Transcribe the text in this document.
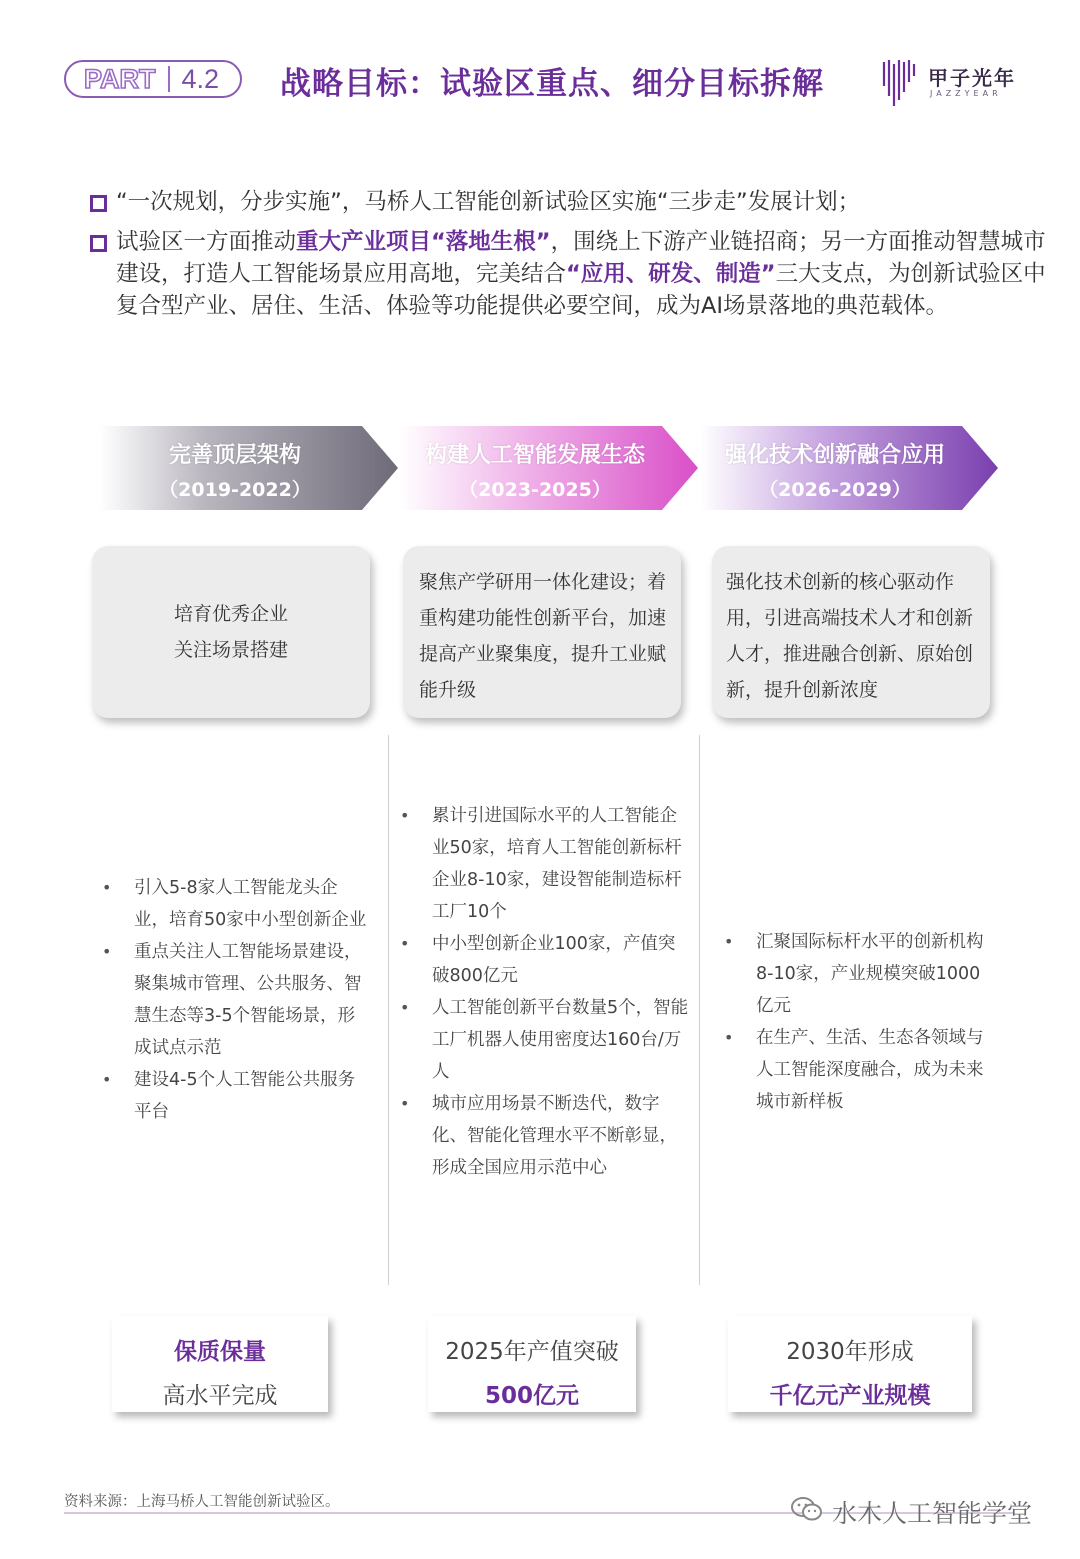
PART 4.2 战略目标：试验区重点、细分目标拆解	甲子光年
JAZZYEAR
“一次规划，分步实施”，马桥人工智能创新试验区实施“三步走”发展计划；
试验区一方面推动重大产业项目“落地生根”，围绕上下游产业链招商；另一方面推动智慧城市建设，打造人工智能场景应用高地，完美结合“应用、研发、制造”三大支点，为创新试验区中复合型产业、居住、生活、体验等功能提供必要空间，成为AI场景落地的典范载体。
完善顶层架构
（2019-2022）
构建人工智能发展生态
（2023-2025）
强化技术创新融合应用
（2026-2029）
培育优秀企业
关注场景搭建
聚焦产学研用一体化建设；着重构建功能性创新平台，加速提高产业聚集度，提升工业赋能升级
强化技术创新的核心驱动作用，引进高端技术人才和创新人才，推进融合创新、原始创新，提升创新浓度
• 引入5-8家人工智能龙头企业，培育50家中小型创新企业
• 重点关注人工智能场景建设，聚集城市管理、公共服务、智慧生态等3-5个智能场景，形成试点示范
• 建设4-5个人工智能公共服务平台
• 累计引进国际水平的人工智能企业50家，培育人工智能创新标杆企业8-10家，建设智能制造标杆工厂10个
• 中小型创新企业100家，产值突破800亿元
• 人工智能创新平台数量5个，智能工厂机器人使用密度达160台/万人
• 城市应用场景不断迭代，数字化、智能化管理水平不断彰显，形成全国应用示范中心
• 汇聚国际标杆水平的创新机构8-10家，产业规模突破1000亿元
• 在生产、生活、生态各领域与人工智能深度融合，成为未来城市新样板
保质保量
高水平完成
2025年产值突破
500亿元
2030年形成
千亿元产业规模
资料来源：上海马桥人工智能创新试验区。	水木人工智能学堂
